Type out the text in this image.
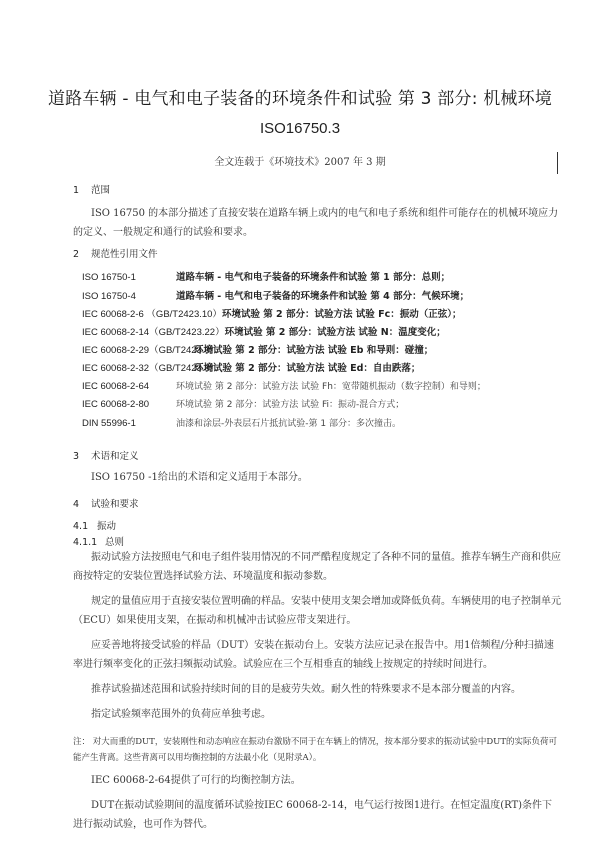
道路车辆 - 电气和电子装备的环境条件和试验 第 3 部分: 机械环境
ISO16750.3
全文连载于《环境技术》2007 年 3 期
1 范围

ISO 16750 的本部分描述了直接安装在道路车辆上或内的电气和电子系统和组件可能存在的机械环境应力的定义、一般规定和通行的试验和要求。

2 规范性引用文件
ISO 16750-1	道路车辆 - 电气和电子装备的环境条件和试验 第 1 部分：总则；
ISO 16750-4	道路车辆 - 电气和电子装备的环境条件和试验 第 4 部分：气候环境；
IEC 60068-2-6 （GB/T2423.10）环境试验 第 2 部分：试验方法 试验 Fc：振动（正弦）；
IEC 60068-2-14（GB/T2423.22）环境试验 第 2 部分：试验方法 试验 N：温度变化；
IEC 60068-2-29（GB/T2423.6）环境试验 第 2 部分：试验方法 试验 Eb 和导则：碰撞；
IEC 60068-2-32（GB/T2423.8）环境试验 第 2 部分：试验方法 试验 Ed：自由跌落；
IEC 60068-2-64	环境试验 第 2 部分：试验方法 试验 Fh：宽带随机振动（数字控制）和导则；
IEC 60068-2-80	环境试验 第 2 部分：试验方法 试验 Fi：振动-混合方式；
DIN 55996-1	油漆和涂层-外表层石片抵抗试验-第 1 部分：多次撞击。
3 术语和定义

ISO 16750 -1给出的术语和定义适用于本部分。

4 试验和要求
4.1 振动
4.1.1 总则

振动试验方法按照电气和电子组件装用情况的不同严酷程度规定了各种不同的量值。推荐车辆生产商和供应商按特定的安装位置选择试验方法、环境温度和振动参数。

规定的量值应用于直接安装位置明确的样品。安装中使用支架会增加或降低负荷。车辆使用的电子控制单元（ECU）如果使用支架，在振动和机械冲击试验应带支架进行。

应妥善地将接受试验的样品（DUT）安装在振动台上。安装方法应记录在报告中。用1倍频程/分种扫描速率进行频率变化的正弦扫频振动试验。试验应在三个互相垂直的轴线上按规定的持续时间进行。

推荐试验描述范围和试验持续时间的目的是疲劳失效。耐久性的特殊要求不是本部分覆盖的内容。

指定试验频率范围外的负荷应单独考虑。

注： 对大而重的DUT，安装刚性和动态响应在振动台激励不同于在车辆上的情况，按本部分要求的振动试验中DUT的实际负荷可能产生背离。这些背离可以用均衡控制的方法最小化（见附录A）。

IEC 60068-2-64提供了可行的均衡控制方法。

DUT在振动试验期间的温度循环试验按IEC 60068-2-14，电气运行按图1进行。在恒定温度(RT)条件下进行振动试验，也可作为替代。
